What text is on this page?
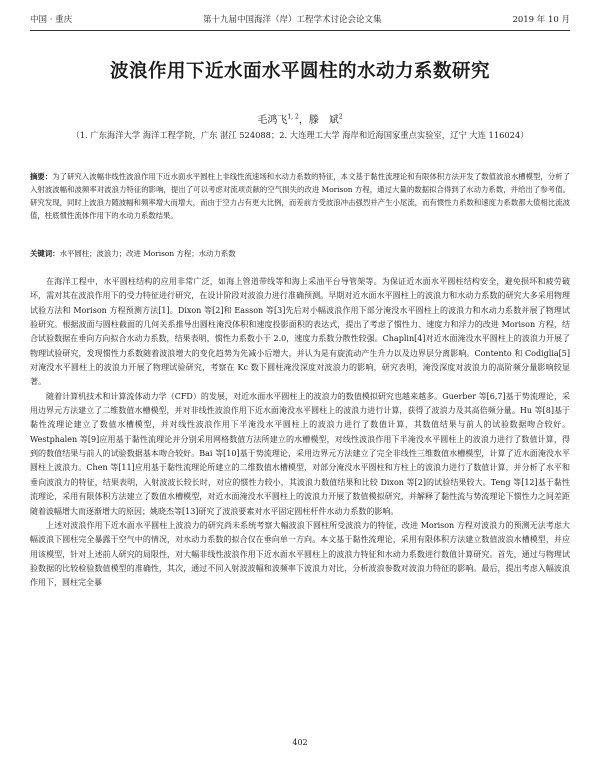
中国 · 重庆	第十九届中国海洋（岸）工程学术讨论会论文集	2019 年 10 月
波浪作用下近水面水平圆柱的水动力系数研究
毛鸿飞$^{1, 2}$，滕　斌$^2$
（1. 广东海洋大学 海洋工程学院，广东 湛江 524088；2. 大连理工大学 海岸和近海国家重点实验室，辽宁 大连 116024）
摘要：为了研究入波幅非线性波浪作用下近水面水平圆柱上非线性流速场和水动力系数的特征，本文基于黏性流理论和有限体积方法开发了数值波浪水槽模型，分析了入射波波幅和波频率对波浪力特征的影响，提出了可以考虑对流项贡献的空气损失的改进 Morison 方程，通过大量的数据拟合得到了水动力系数，并给出了参考值。研究发现，同时上波浪力随波幅和频率增大而增大，而由于空力占有更大比例，而差前方受波浪冲击强烈并产生小尾流，而有惯性力系数和速度力系数都大值相比流波值，柱底惯性流体作用下的水动力系数结果。
关键词：水平圆柱；波浪力；改进 Morison 方程；水动力系数

在海洋工程中，水平圆柱结构的应用非常广泛，如海上管道带线等和海上采油平台导管架等。为保证近水面水平圆柱结构安全，避免损坏和疲劳破坏，需对其在波浪作用下的受力特征进行研究，在设计阶段对波浪力进行准确预测。早期对近水面水平圆柱上的波浪力和水动力系数的研究大多采用物理试验方法和 Morison 方程预测方法[1]。Dixon 等[2]和 Easson 等[3]先后对小幅波浪作用下部分淹没水平圆柱上的波浪力和水动力系数并展了物理试验研究。根据波面与圆柱截面的几何关系推导出圆柱淹没体积和速度投影面积的表达式，提出了考虑了惯性力、速度力和浮力的改进 Morison 方程，结合试验数据在垂向方向拟合水动力系数，结果表明，惯性力系数小于 2.0，速度力系数分散性较强。Chaplin[4]对近水面淹没水平圆柱上的波浪力开展了物理试验研究，发现惯性力系数随着波浪增大的变化趋势为先减小后增大，并认为是有旋流动产生升力以及边界层分离影响。Contento 和 Codiglia[5]对淹没水平圆柱上的波浪力开展了物理试验研究，考察在 Kc 数下圆柱淹没深度对波浪力的影响，研究表明，淹没深度对波浪力的高阶频分量影响较显著。

随着计算机技术和计算流体动力学（CFD）的发展，对近水面水平圆柱上的波浪力的数值模拟研究也越来越多。Guerber 等[6,7]基于势流理论，采用边界元方法建立了二维数值水槽模型，并对非线性波浪作用下近水面淹没水平圆柱上的波浪力进行计算，获得了波浪力及其高倍频分量。Hu 等[8]基于黏性流理论建立了数值水槽模型，并对线性波浪作用下半淹没水平圆柱上的波浪力进行了数值计算，其数值结果与前人的试验数据吻合较好。Westphalen 等[9]应用基于黏性流理论并分别采用网格数值方法所建立的水槽模型，对线性波浪作用下半淹没水平圆柱上的波浪力进行了数值计算，得到的数值结果与前人的试验数据基本吻合较好。Bai 等[10]基于势流理论，采用边界元方法建立了完全非线性三维数值水槽模型，计算了近水面淹没水平圆柱上波浪力。Chen 等[11]应用基于黏性流理论所建立的二维数值水槽模型，对部分淹没水平圆柱和方柱上的波浪力进行了数值计算，并分析了水平和垂向波浪力的特征，结果表明，入射波波长较长时，对应的惯性力较小，其波浪力数值结果和比较 Dixon 等[2]的试验结果较大。Teng 等[12]基于黏性流理论，采用有限体积方法建立了数值水槽模型，对近水面淹没水平圆柱上的波浪力开展了数值模拟研究，并解释了黏性流与势流理论下惯性力之间差距随着波幅增大而逐渐增大的原因；姚晓杰等[13]研究了波浪要素对水平固定圆柱杆件水动力系数的影响。

上述对波浪作用下近水面水平圆柱上波浪力的研究尚未系统考察大幅波浪下圆柱所受波浪力的特征，改进 Morison 方程对波浪力的预测无法考虑大幅波浪下圆柱完全暴露于空气中的情况，对水动力系数的拟合仅在垂向单一方向。本文基于黏性流理论，采用有限体积方法建立数值波浪水槽模型，并应用该模型，针对上述前人研究的局限性，对大幅非线性波浪作用下近水面水平圆柱上的波浪力特征和水动力系数进行数值计算研究。首先，通过与物理试验数据的比较检验数值模型的准确性，其次，通过不同入射波波幅和波频率下波浪力对比，分析波浪参数对波浪力特征的影响。最后，提出考虑入幅波浪作用下，圆柱完全暴

402
